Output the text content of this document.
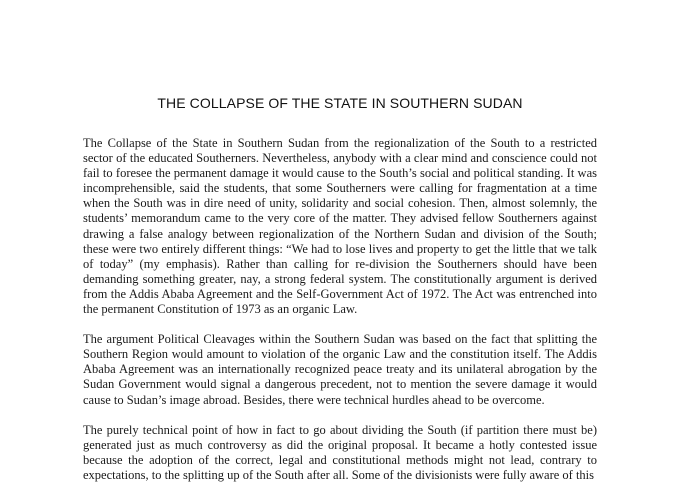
THE COLLAPSE OF THE STATE IN SOUTHERN SUDAN

The Collapse of the State in Southern Sudan from the regionalization of the South to a restricted sector of the educated Southerners. Nevertheless, anybody with a clear mind and conscience could not fail to foresee the permanent damage it would cause to the South’s social and political standing. It was incomprehensible, said the students, that some Southerners were calling for fragmentation at a time when the South was in dire need of unity, solidarity and social cohesion. Then, almost solemnly, the students’ memorandum came to the very core of the matter. They advised fellow Southerners against drawing a false analogy between regionalization of the Northern Sudan and division of the South; these were two entirely different things: “We had to lose lives and property to get the little that we talk of today” (my emphasis). Rather than calling for re-division the Southerners should have been demanding something greater, nay, a strong federal system. The constitutionally argument is derived from the Addis Ababa Agreement and the Self-Government Act of 1972. The Act was entrenched into the permanent Constitution of 1973 as an organic Law.

The argument Political Cleavages within the Southern Sudan was based on the fact that splitting the Southern Region would amount to violation of the organic Law and the constitution itself. The Addis Ababa Agreement was an internationally recognized peace treaty and its unilateral abrogation by the Sudan Government would signal a dangerous precedent, not to mention the severe damage it would cause to Sudan’s image abroad. Besides, there were technical hurdles ahead to be overcome.

The purely technical point of how in fact to go about dividing the South (if partition there must be) generated just as much controversy as did the original proposal. It became a hotly contested issue because the adoption of the correct, legal and constitutional methods might not lead, contrary to expectations, to the splitting up of the South after all. Some of the divisionists were fully aware of this
